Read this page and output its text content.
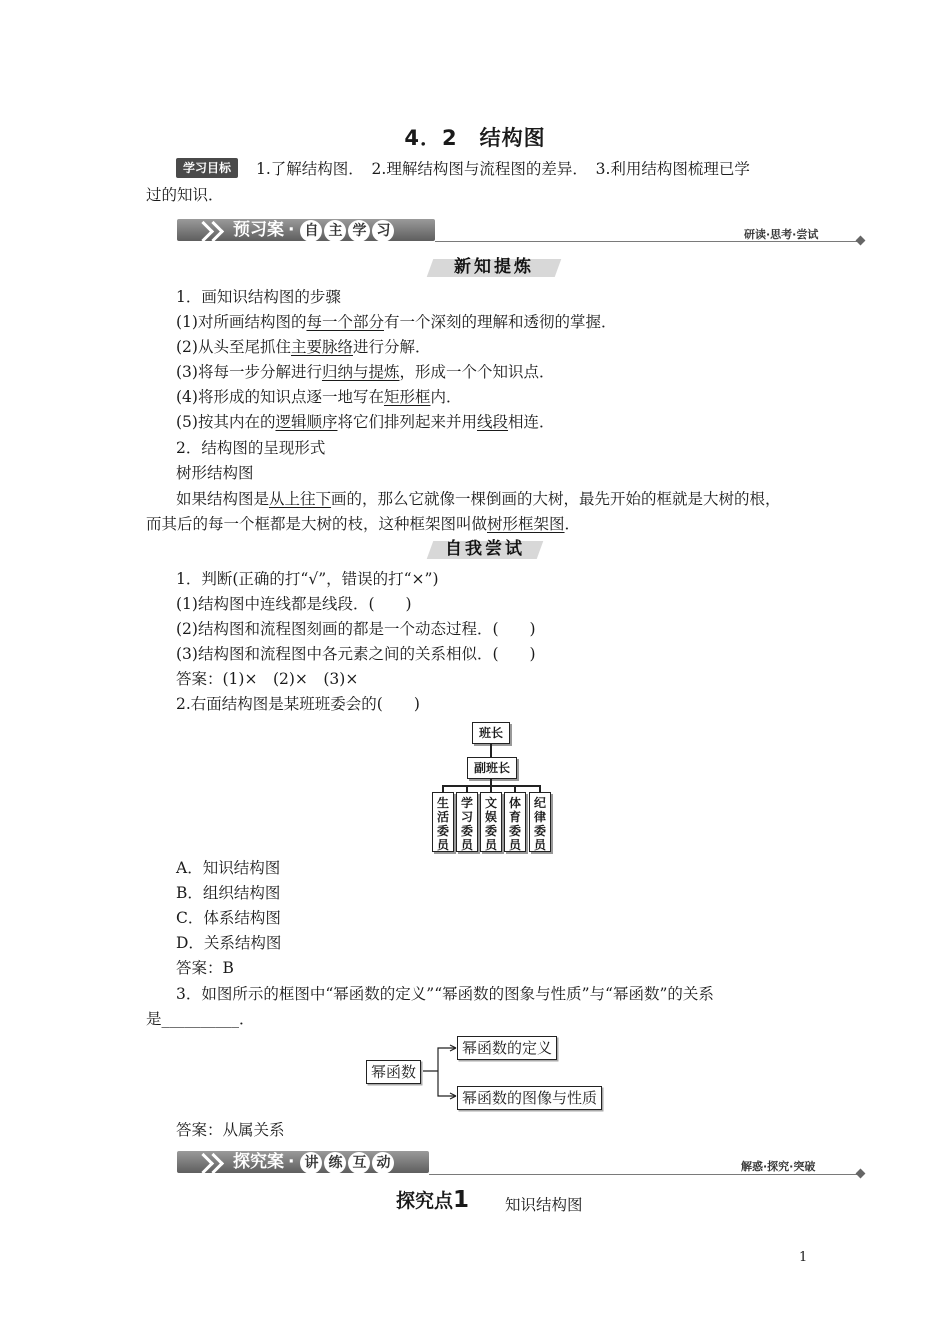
4．2　结构图
学习目标	1.了解结构图．　2.理解结构图与流程图的差异．　3.利用结构图梳理已学
过的知识．
预习案 · 自 主 学 习	研读·思考·尝试
新知提炼
1．画知识结构图的步骤
(1)对所画结构图的每一个部分有一个深刻的理解和透彻的掌握．
(2)从头至尾抓住主要脉络进行分解．
(3)将每一步分解进行归纳与提炼，形成一个个知识点．
(4)将形成的知识点逐一地写在矩形框内．
(5)按其内在的逻辑顺序将它们排列起来并用线段相连．
2．结构图的呈现形式
树形结构图
如果结构图是从上往下画的，那么它就像一棵倒画的大树，最先开始的框就是大树的根，
而其后的每一个框都是大树的枝，这种框架图叫做树形框架图．
自我尝试
1．判断(正确的打“√”，错误的打“×”)
(1)结构图中连线都是线段．(　　)
(2)结构图和流程图刻画的都是一个动态过程．(　　)
(3)结构图和流程图中各元素之间的关系相似．(　　)
答案：(1)×　(2)×　(3)×
2.右面结构图是某班班委会的(　　)
班长
副班长
生活委员
学习委员
文娱委员
体育委员
纪律委员
A．知识结构图
B．组织结构图
C．体系结构图
D．关系结构图
答案：B
3．如图所示的框图中“幂函数的定义”“幂函数的图象与性质”与“幂函数”的关系
是__________．
幂函数
幂函数的定义
幂函数的图像与性质
答案：从属关系
探究案 · 讲 练 互 动	解惑·探究·突破
探究点1 知识结构图
1
